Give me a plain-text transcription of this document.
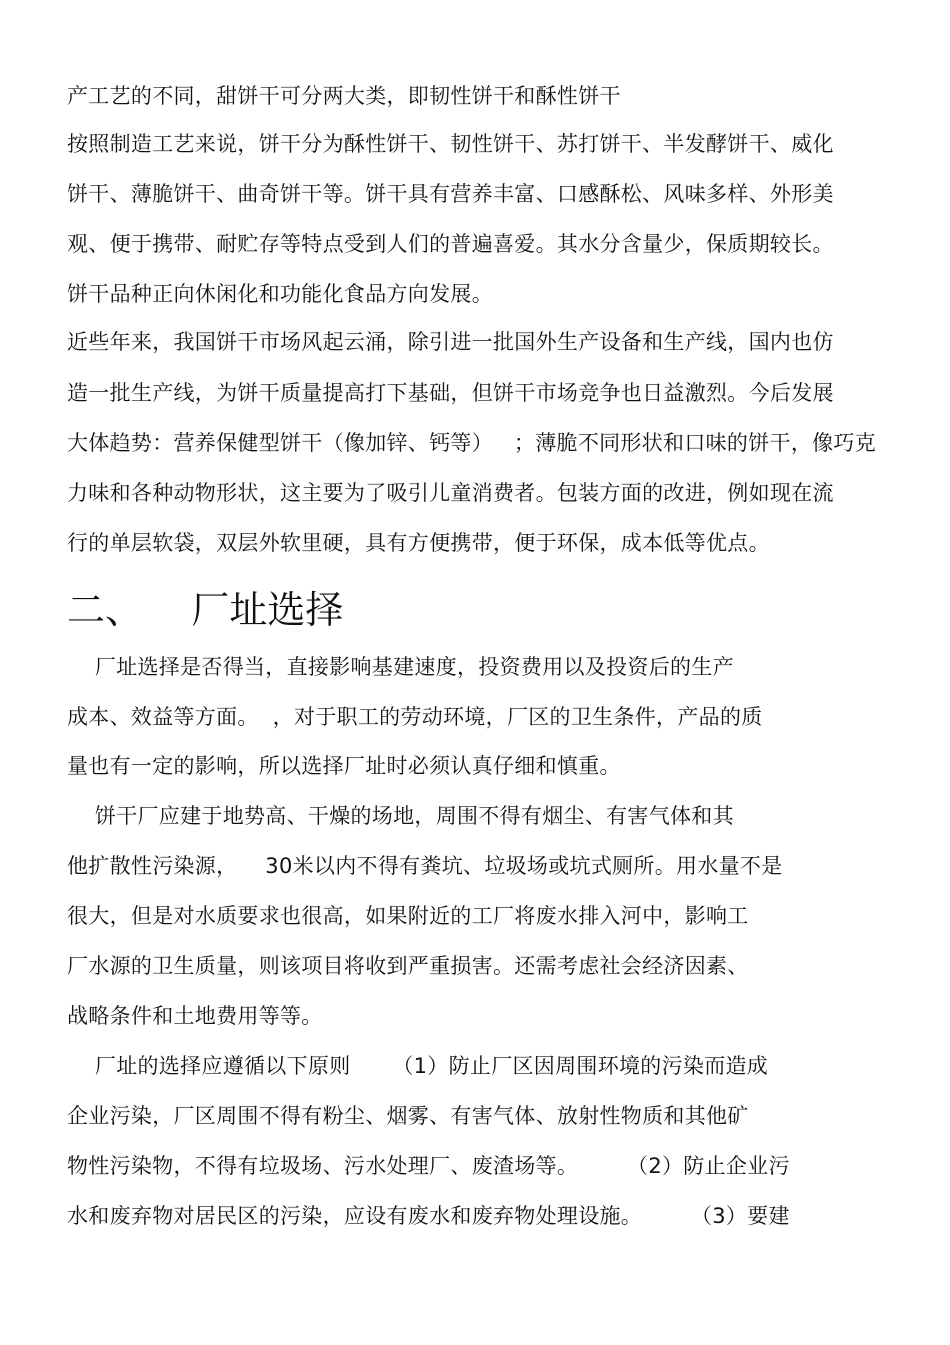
产工艺的不同，甜饼干可分两大类，即韧性饼干和酥性饼干
按照制造工艺来说，饼干分为酥性饼干、韧性饼干、苏打饼干、半发酵饼干、威化
饼干、薄脆饼干、曲奇饼干等。饼干具有营养丰富、口感酥松、风味多样、外形美
观、便于携带、耐贮存等特点受到人们的普遍喜爱。其水分含量少，保质期较长。
饼干品种正向休闲化和功能化食品方向发展。
近些年来，我国饼干市场风起云涌，除引进一批国外生产设备和生产线，国内也仿
造一批生产线，为饼干质量提高打下基础，但饼干市场竞争也日益激烈。今后发展
大体趋势：营养保健型饼干（像加锌、钙等）   ；薄脆不同形状和口味的饼干，像巧克
力味和各种动物形状，这主要为了吸引儿童消费者。包装方面的改进，例如现在流
行的单层软袋，双层外软里硬，具有方便携带，便于环保，成本低等优点。
二、    厂址选择
厂址选择是否得当，直接影响基建速度，投资费用以及投资后的生产
成本、效益等方面。  ，对于职工的劳动环境，厂区的卫生条件，产品的质
量也有一定的影响，所以选择厂址时必须认真仔细和慎重。
饼干厂应建于地势高、干燥的场地，周围不得有烟尘、有害气体和其
他扩散性污染源，    30米以内不得有粪坑、垃圾场或坑式厕所。用水量不是
很大，但是对水质要求也很高，如果附近的工厂将废水排入河中，影响工
厂水源的卫生质量，则该项目将收到严重损害。还需考虑社会经济因素、
战略条件和土地费用等等。
厂址的选择应遵循以下原则      （1）防止厂区因周围环境的污染而造成
企业污染，厂区周围不得有粉尘、烟雾、有害气体、放射性物质和其他矿
物性污染物，不得有垃圾场、污水处理厂、废渣场等。       （2）防止企业污
水和废弃物对居民区的污染，应设有废水和废弃物处理设施。       （3）要建
